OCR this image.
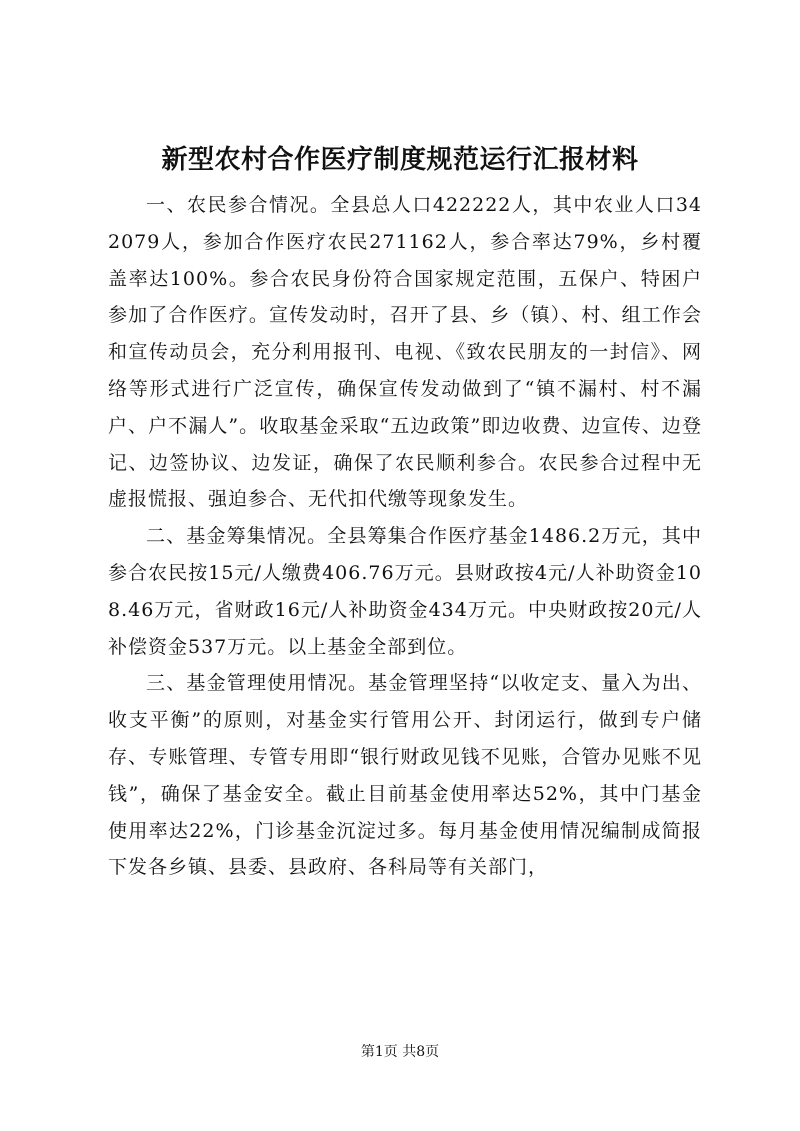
新型农村合作医疗制度规范运行汇报材料

一、农民参合情况。全县总人口422222人，其中农业人口342079人，参加合作医疗农民271162人，参合率达79%，乡村覆盖率达100%。参合农民身份符合国家规定范围，五保户、特困户参加了合作医疗。宣传发动时，召开了县、乡（镇）、村、组工作会和宣传动员会，充分利用报刊、电视、《致农民朋友的一封信》、网络等形式进行广泛宣传，确保宣传发动做到了“镇不漏村、村不漏户、户不漏人”。收取基金采取“五边政策”即边收费、边宣传、边登记、边签协议、边发证，确保了农民顺利参合。农民参合过程中无虚报慌报、强迫参合、无代扣代缴等现象发生。

二、基金筹集情况。全县筹集合作医疗基金1486.2万元，其中参合农民按15元/人缴费406.76万元。县财政按4元/人补助资金108.46万元，省财政16元/人补助资金434万元。中央财政按20元/人补偿资金537万元。以上基金全部到位。

三、基金管理使用情况。基金管理坚持“以收定支、量入为出、收支平衡”的原则，对基金实行管用公开、封闭运行，做到专户储存、专账管理、专管专用即“银行财政见钱不见账，合管办见账不见钱”，确保了基金安全。截止目前基金使用率达52%，其中门基金使用率达22%，门诊基金沉淀过多。每月基金使用情况编制成简报下发各乡镇、县委、县政府、各科局等有关部门，

第1页 共8页
